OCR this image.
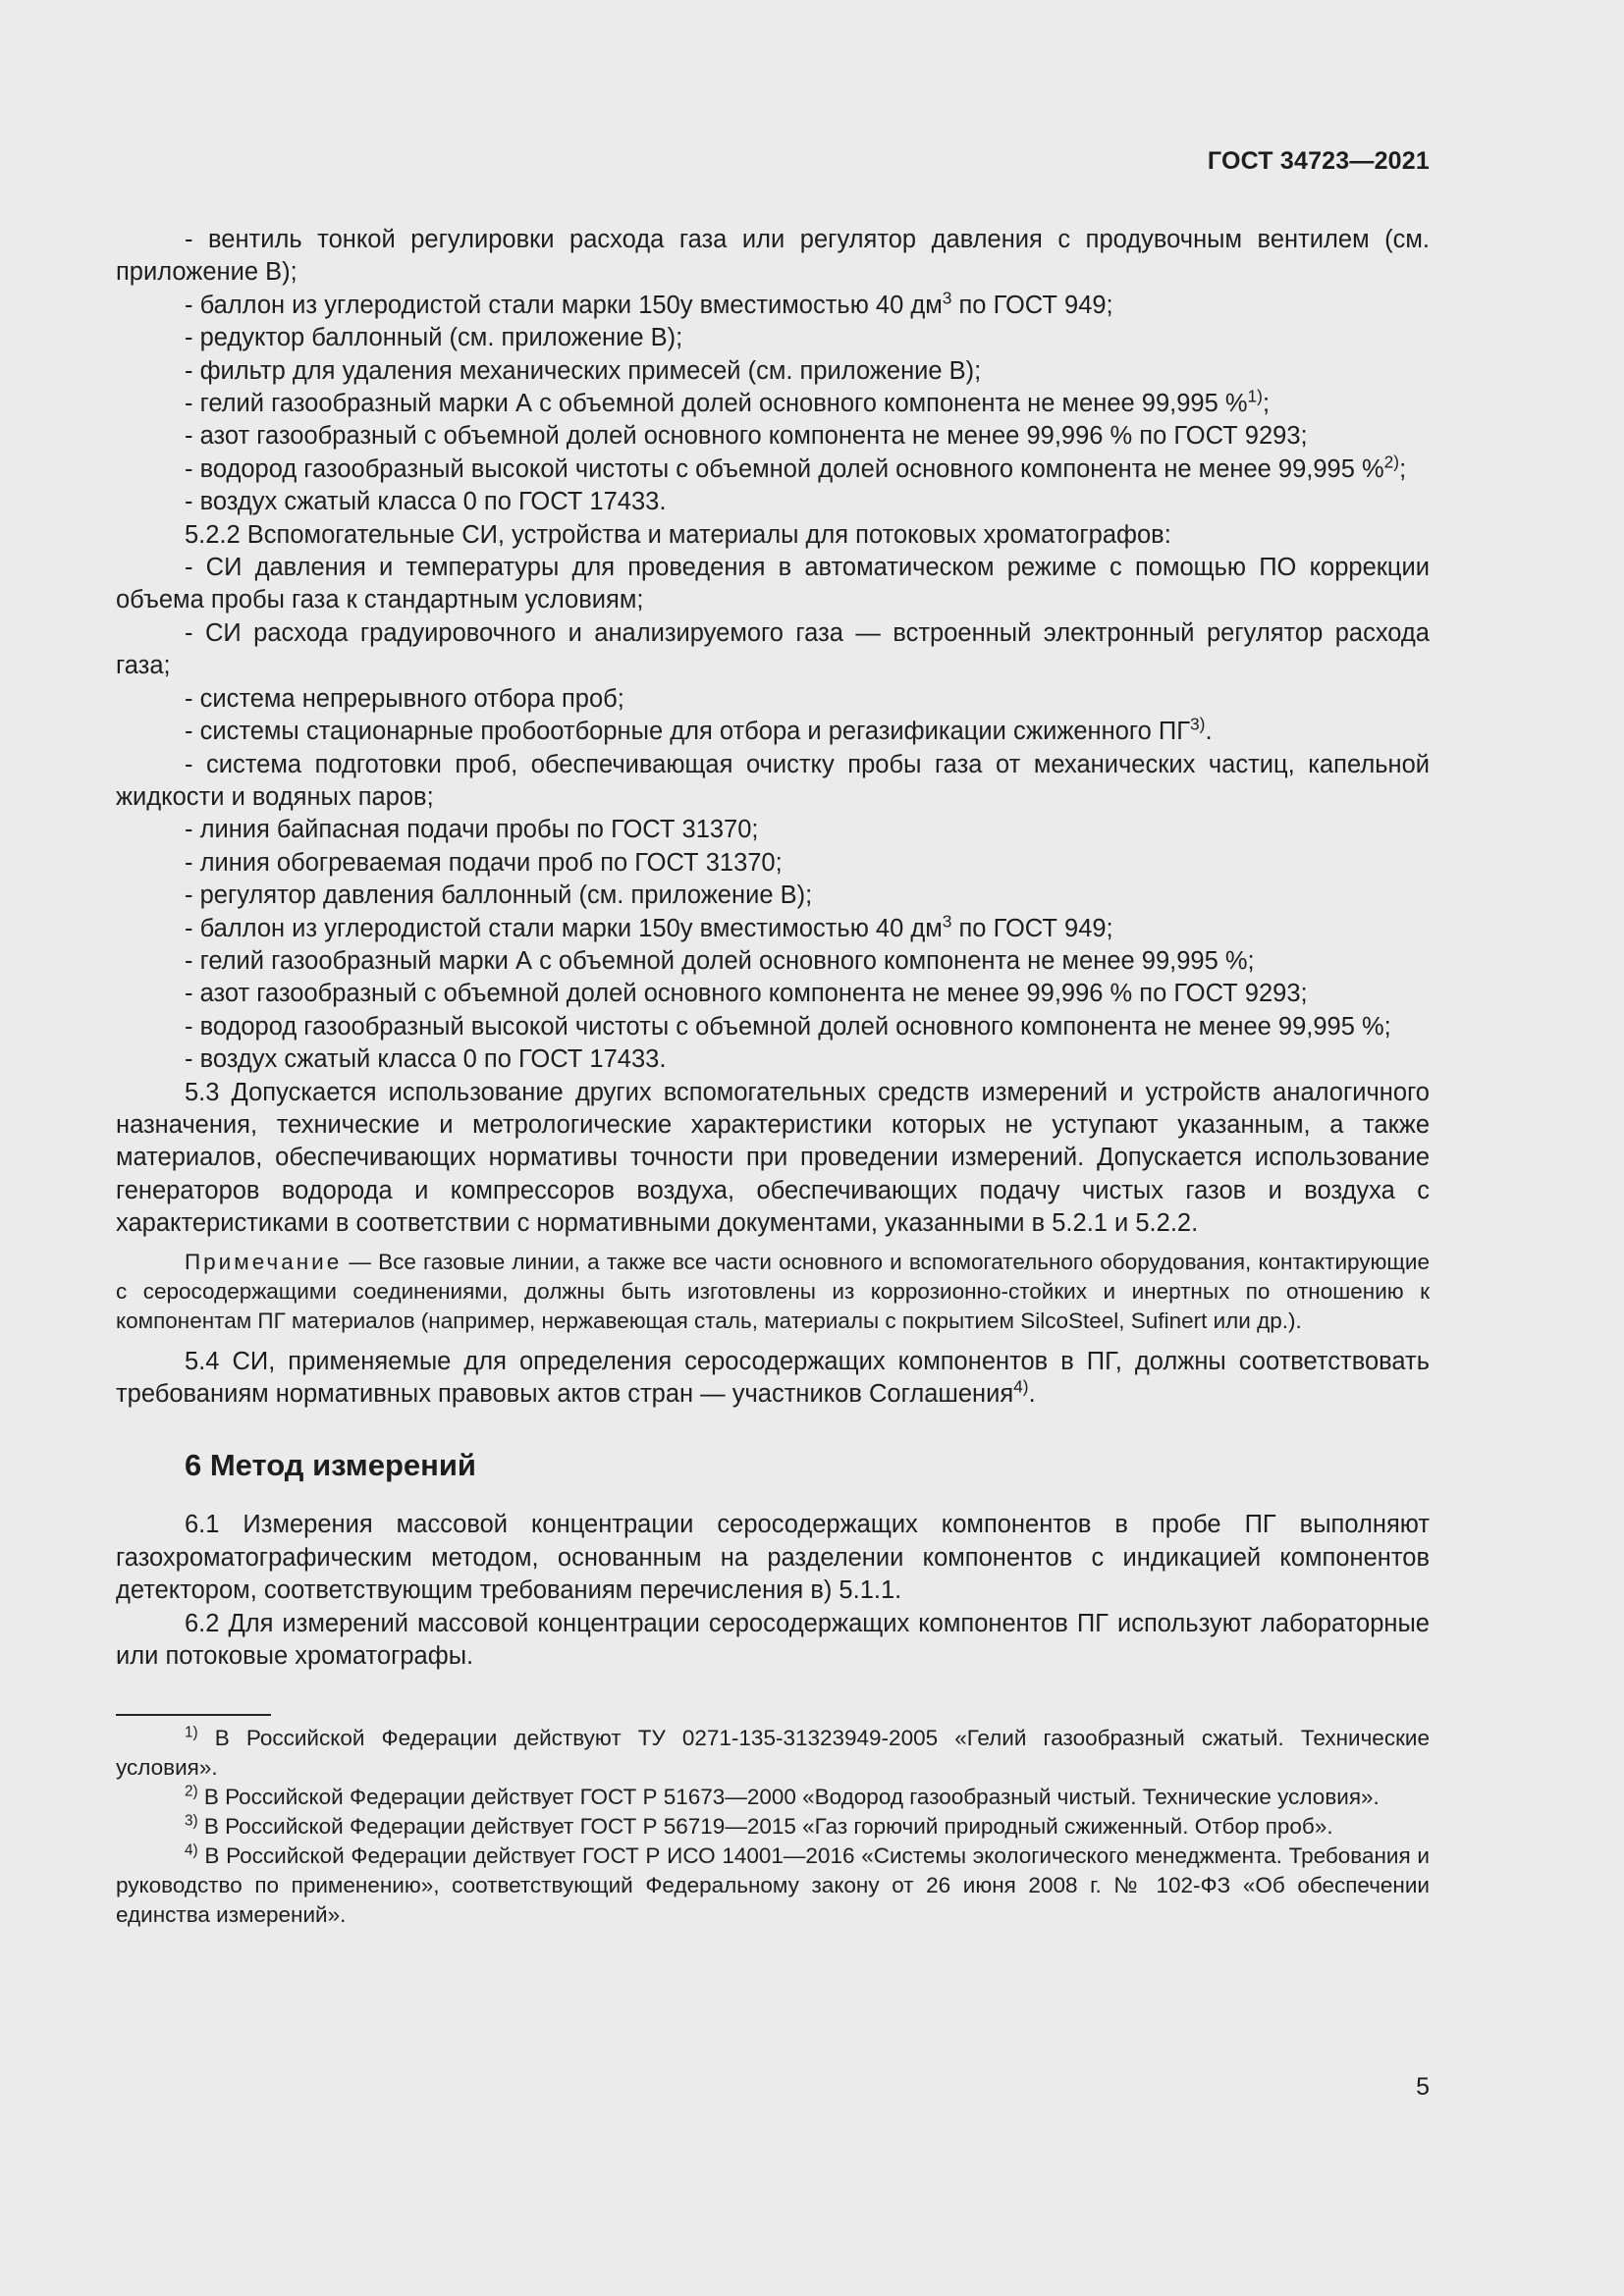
ГОСТ 34723—2021

- вентиль тонкой регулировки расхода газа или регулятор давления с продувочным вентилем (см. приложение В);

- баллон из углеродистой стали марки 150у вместимостью 40 $дм^3$ по ГОСТ 949;

- редуктор баллонный (см. приложение В);

- фильтр для удаления механических примесей (см. приложение В);

- гелий газообразный марки А с объемной долей основного компонента не менее 99,995 %$^{1)}$;

- азот газообразный с объемной долей основного компонента не менее 99,996 % по ГОСТ 9293;

- водород газообразный высокой чистоты с объемной долей основного компонента не менее 99,995 %$^{2)}$;

- воздух сжатый класса 0 по ГОСТ 17433.

5.2.2 Вспомогательные СИ, устройства и материалы для потоковых хроматографов:

- СИ давления и температуры для проведения в автоматическом режиме с помощью ПО коррекции объема пробы газа к стандартным условиям;

- СИ расхода градуировочного и анализируемого газа — встроенный электронный регулятор расхода газа;

- система непрерывного отбора проб;

- системы стационарные пробоотборные для отбора и регазификации сжиженного ПГ$^{3)}$.

- система подготовки проб, обеспечивающая очистку пробы газа от механических частиц, капельной жидкости и водяных паров;

- линия байпасная подачи пробы по ГОСТ 31370;

- линия обогреваемая подачи проб по ГОСТ 31370;

- регулятор давления баллонный (см. приложение В);

- баллон из углеродистой стали марки 150у вместимостью 40 $дм^3$ по ГОСТ 949;

- гелий газообразный марки А с объемной долей основного компонента не менее 99,995 %;

- азот газообразный с объемной долей основного компонента не менее 99,996 % по ГОСТ 9293;

- водород газообразный высокой чистоты с объемной долей основного компонента не менее 99,995 %;

- воздух сжатый класса 0 по ГОСТ 17433.

5.3 Допускается использование других вспомогательных средств измерений и устройств аналогичного назначения, технические и метрологические характеристики которых не уступают указанным, а также материалов, обеспечивающих нормативы точности при проведении измерений. Допускается использование генераторов водорода и компрессоров воздуха, обеспечивающих подачу чистых газов и воздуха с характеристиками в соответствии с нормативными документами, указанными в 5.2.1 и 5.2.2.

Примечание — Все газовые линии, а также все части основного и вспомогательного оборудования, контактирующие с серосодержащими соединениями, должны быть изготовлены из коррозионно-стойких и инертных по отношению к компонентам ПГ материалов (например, нержавеющая сталь, материалы с покрытием SilcoSteel, Sufinert или др.).

5.4 СИ, применяемые для определения серосодержащих компонентов в ПГ, должны соответствовать требованиям нормативных правовых актов стран — участников Соглашения$^{4)}$.

6 Метод измерений

6.1 Измерения массовой концентрации серосодержащих компонентов в пробе ПГ выполняют газохроматографическим методом, основанным на разделении компонентов с индикацией компонентов детектором, соответствующим требованиям перечисления в) 5.1.1.

6.2 Для измерений массовой концентрации серосодержащих компонентов ПГ используют лабораторные или потоковые хроматографы.

$^{1)}$ В Российской Федерации действуют ТУ 0271-135-31323949-2005 «Гелий газообразный сжатый. Технические условия».

$^{2)}$ В Российской Федерации действует ГОСТ Р 51673—2000 «Водород газообразный чистый. Технические условия».

$^{3)}$ В Российской Федерации действует ГОСТ Р 56719—2015 «Газ горючий природный сжиженный. Отбор проб».

$^{4)}$ В Российской Федерации действует ГОСТ Р ИСО 14001—2016 «Системы экологического менеджмента. Требования и руководство по применению», соответствующий Федеральному закону от 26 июня 2008 г. № 102-ФЗ «Об обеспечении единства измерений».

5
